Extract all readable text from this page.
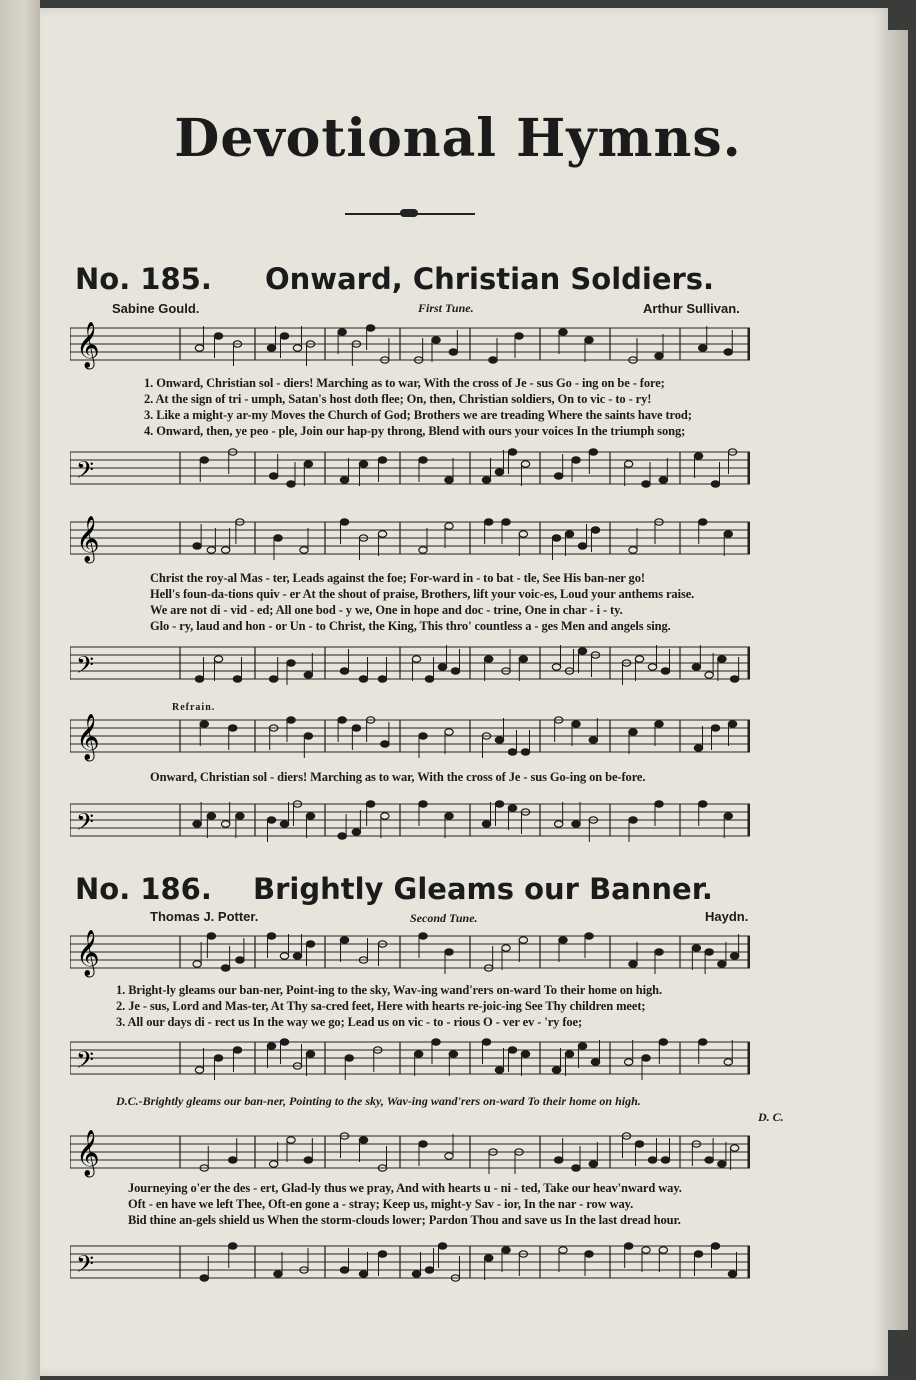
Devotional Hymns.
No. 185. Onward, Christian Soldiers.
Sabine Gould.	First Tune.	Arthur Sullivan.
𝄞
1. Onward, Christian sol - diers! Marching as to war, With the cross of Je - sus Go - ing on be - fore;
2. At the sign of tri - umph, Satan's host doth flee; On, then, Christian soldiers, On to vic - to - ry!
3. Like a might-y ar-my Moves the Church of God; Brothers we are treading Where the saints have trod;
4. Onward, then, ye peo - ple, Join our hap-py throng, Blend with ours your voices In the triumph song;
𝄢
𝄞
Christ the roy-al Mas - ter, Leads against the foe; For-ward in - to bat - tle, See His ban-ner go!
Hell's foun-da-tions quiv - er At the shout of praise, Brothers, lift your voic-es, Loud your anthems raise.
We are not di - vid - ed; All one bod - y we, One in hope and doc - trine, One in char - i - ty.
Glo - ry, laud and hon - or Un - to Christ, the King, This thro' countless a - ges Men and angels sing.
𝄢
Refrain.
𝄞
Onward, Christian sol - diers! Marching as to war, With the cross of Je - sus Go-ing on be-fore.
𝄢
No. 186. Brightly Gleams our Banner.
Thomas J. Potter.	Second Tune.	Haydn.
𝄞
1. Bright-ly gleams our ban-ner, Point-ing to the sky, Wav-ing wand'rers on-ward To their home on high.
2. Je - sus, Lord and Mas-ter, At Thy sa-cred feet, Here with hearts re-joic-ing See Thy children meet;
3. All our days di - rect us In the way we go; Lead us on vic - to - rious O - ver ev - 'ry foe;
𝄢
D.C.-Brightly gleams our ban-ner, Pointing to the sky, Wav-ing wand'rers on-ward To their home on high.
D. C.
𝄞
Journeying o'er the des - ert, Glad-ly thus we pray, And with hearts u - ni - ted, Take our heav'nward way.
Oft - en have we left Thee, Oft-en gone a - stray; Keep us, might-y Sav - ior, In the nar - row way.
Bid thine an-gels shield us When the storm-clouds lower; Pardon Thou and save us In the last dread hour.
𝄢
